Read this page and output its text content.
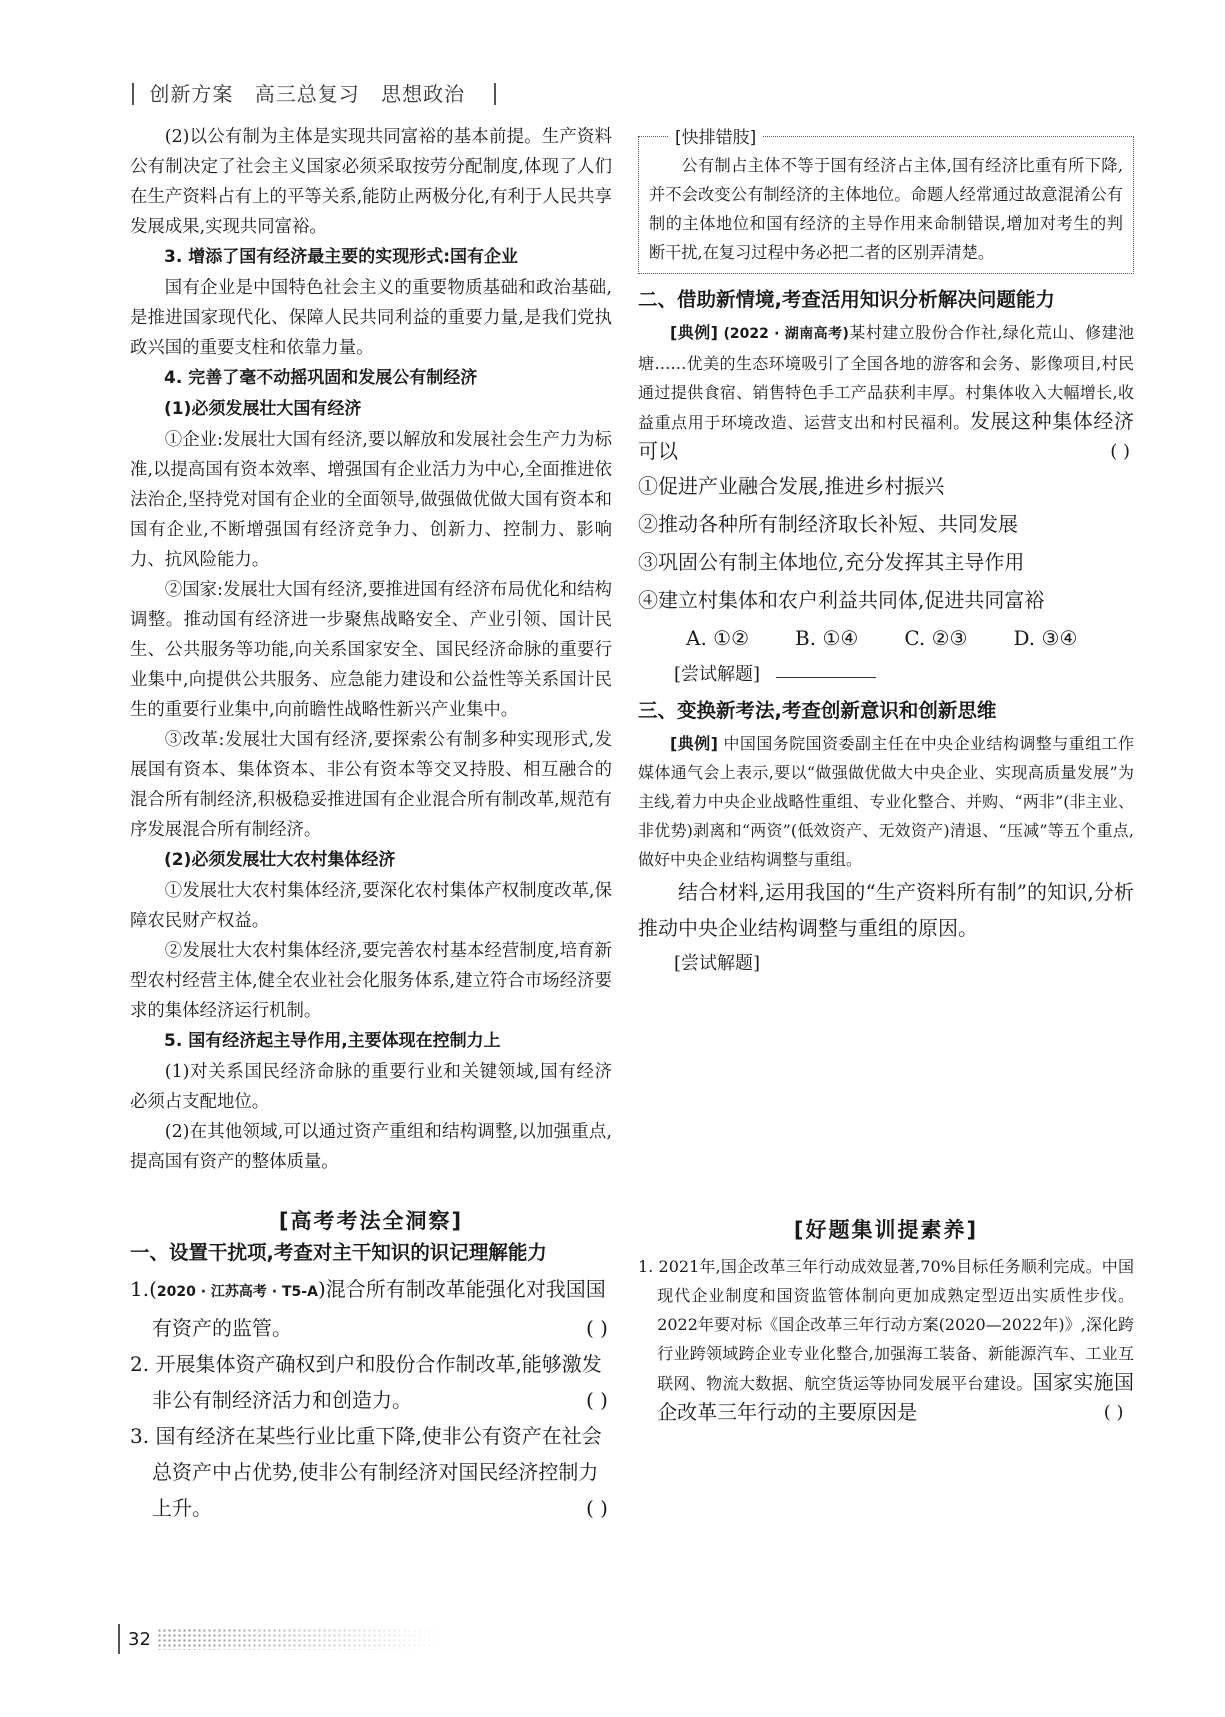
创新方案 高三总复习 思想政治

(2)以公有制为主体是实现共同富裕的基本前提。生产资料公有制决定了社会主义国家必须采取按劳分配制度,体现了人们在生产资料占有上的平等关系,能防止两极分化,有利于人民共享发展成果,实现共同富裕。

3. 增添了国有经济最主要的实现形式:国有企业

国有企业是中国特色社会主义的重要物质基础和政治基础,是推进国家现代化、保障人民共同利益的重要力量,是我们党执政兴国的重要支柱和依靠力量。

4. 完善了毫不动摇巩固和发展公有制经济

(1)必须发展壮大国有经济

①企业:发展壮大国有经济,要以解放和发展社会生产力为标准,以提高国有资本效率、增强国有企业活力为中心,全面推进依法治企,坚持党对国有企业的全面领导,做强做优做大国有资本和国有企业,不断增强国有经济竞争力、创新力、控制力、影响力、抗风险能力。

②国家:发展壮大国有经济,要推进国有经济布局优化和结构调整。推动国有经济进一步聚焦战略安全、产业引领、国计民生、公共服务等功能,向关系国家安全、国民经济命脉的重要行业集中,向提供公共服务、应急能力建设和公益性等关系国计民生的重要行业集中,向前瞻性战略性新兴产业集中。

③改革:发展壮大国有经济,要探索公有制多种实现形式,发展国有资本、集体资本、非公有资本等交叉持股、相互融合的混合所有制经济,积极稳妥推进国有企业混合所有制改革,规范有序发展混合所有制经济。

(2)必须发展壮大农村集体经济

①发展壮大农村集体经济,要深化农村集体产权制度改革,保障农民财产权益。

②发展壮大农村集体经济,要完善农村基本经营制度,培育新型农村经营主体,健全农业社会化服务体系,建立符合市场经济要求的集体经济运行机制。

5. 国有经济起主导作用,主要体现在控制力上

(1)对关系国民经济命脉的重要行业和关键领域,国有经济必须占支配地位。

(2)在其他领域,可以通过资产重组和结构调整,以加强重点,提高国有资产的整体质量。

[高考考法全洞察]

一、设置干扰项,考查对主干知识的识记理解能力

1.(2020 · 江苏高考 · T5-A)混合所有制改革能强化对我国国有资产的监管。	( )

2. 开展集体资产确权到户和股份合作制改革,能够激发非公有制经济活力和创造力。	( )

3. 国有经济在某些行业比重下降,使非公有资产在社会总资产中占优势,使非公有制经济对国民经济控制力上升。	( )

[快排错肢]

公有制占主体不等于国有经济占主体,国有经济比重有所下降,并不会改变公有制经济的主体地位。命题人经常通过故意混淆公有制的主体地位和国有经济的主导作用来命制错误,增加对考生的判断干扰,在复习过程中务必把二者的区别弄清楚。

二、借助新情境,考查活用知识分析解决问题能力

[典例] (2022 · 湖南高考)某村建立股份合作社,绿化荒山、修建池塘……优美的生态环境吸引了全国各地的游客和会务、影像项目,村民通过提供食宿、销售特色手工产品获利丰厚。村集体收入大幅增长,收益重点用于环境改造、运营支出和村民福利。发展这种集体经济可以	( )

①促进产业融合发展,推进乡村振兴

②推动各种所有制经济取长补短、共同发展

③巩固公有制主体地位,充分发挥其主导作用

④建立村集体和农户利益共同体,促进共同富裕

A. ①② B. ①④ C. ②③ D. ③④

[尝试解题]

三、变换新考法,考查创新意识和创新思维

[典例] 中国国务院国资委副主任在中央企业结构调整与重组工作媒体通气会上表示,要以“做强做优做大中央企业、实现高质量发展”为主线,着力中央企业战略性重组、专业化整合、并购、“两非”(非主业、非优势)剥离和“两资”(低效资产、无效资产)清退、“压减”等五个重点,做好中央企业结构调整与重组。

结合材料,运用我国的“生产资料所有制”的知识,分析推动中央企业结构调整与重组的原因。

[尝试解题]

[好题集训提素养]

1. 2021年,国企改革三年行动成效显著,70%目标任务顺利完成。中国现代企业制度和国资监管体制向更加成熟定型迈出实质性步伐。2022年要对标《国企改革三年行动方案(2020—2022年)》,深化跨行业跨领域跨企业专业化整合,加强海工装备、新能源汽车、工业互联网、物流大数据、航空货运等协同发展平台建设。国家实施国企改革三年行动的主要原因是	( )

32
